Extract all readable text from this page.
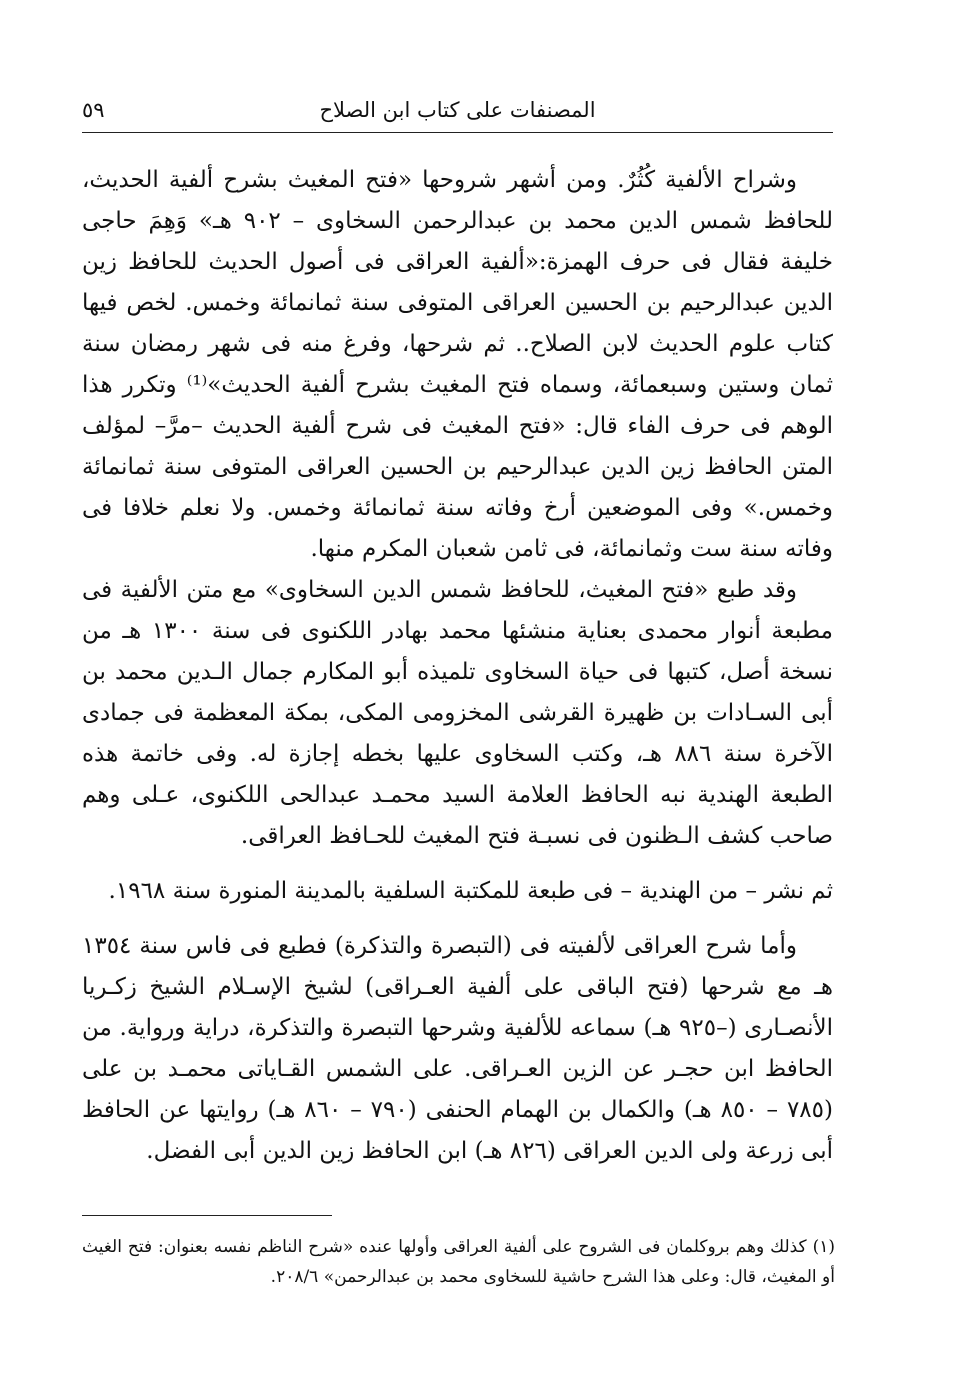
المصنفات على كتاب ابن الصلاح
٥٩

وشراح الألفية كُثُرٌ. ومن أشهر شروحها «فتح المغيث بشرح ألفية الحديث، للحافظ شمس الدين محمد بن عبدالرحمن السخاوى – ٩٠٢ هـ» وَهِمَ حاجى خليفة فقال فى حرف الهمزة:«ألفية العراقى فى أصول الحديث للحافظ زين الدين عبدالرحيم بن الحسين العراقى المتوفى سنة ثمانمائة وخمس. لخص فيها كتاب علوم الحديث لابن الصلاح.. ثم شرحها، وفرغ منه فى شهر رمضان سنة ثمان وستين وسبعمائة، وسماه فتح المغيث بشرح ألفية الحديث»⁽¹⁾ وتكرر هذا الوهم فى حرف الفاء قال: «فتح المغيث فى شرح ألفية الحديث –مرَّ– لمؤلف المتن الحافظ زين الدين عبدالرحيم بن الحسين العراقى المتوفى سنة ثمانمائة وخمس.» وفى الموضعين أرخ وفاته سنة ثمانمائة وخمس. ولا نعلم خلافا فى وفاته سنة ست وثمانمائة، فى ثامن شعبان المكرم منها.

وقد طبع «فتح المغيث، للحافظ شمس الدين السخاوى» مع متن الألفية فى مطبعة أنوار محمدى بعناية منشئها محمد بهادر اللكنوى فى سنة ١٣٠٠ هـ من نسخة أصل، كتبها فى حياة السخاوى تلميذه أبو المكارم جمال الـدين محمد بن أبى السـادات بن ظهيرة القرشى المخزومى المكى، بمكة المعظمة فى جمادى الآخرة سنة ٨٨٦ هـ، وكتب السخاوى عليها بخطه إجازة له. وفى خاتمة هذه الطبعة الهندية نبه الحافظ العلامة السيد محمـد عبدالحى اللكنوى، عـلى وهم صاحب كشف الـظنون فى نسبـة فتح المغيث للحـافظ العراقى.

ثم نشر – من الهندية – فى طبعة للمكتبة السلفية بالمدينة المنورة سنة ١٩٦٨.

وأما شرح العراقى لألفيته فى (التبصرة والتذكرة) فطبع فى فاس سنة ١٣٥٤ هـ مع شرحها (فتح الباقى على ألفية العـراقى) لشيخ الإسـلام الشيخ زكـريا الأنصـارى (–٩٢٥ هـ) سماعه للألفية وشرحها التبصرة والتذكرة، دراية ورواية. من الحافظ ابن حجـر عن الزين العـراقى. على الشمس القـاياتى محمـد بن على (٧٨٥ – ٨٥٠ هـ) والكمال بن الهمام الحنفى (٧٩٠ – ٨٦٠ هـ) روايتها عن الحافظ أبى زرعة ولى الدين العراقى (٨٢٦ هـ) ابن الحافظ زين الدين أبى الفضل.

(١) كذلك وهم بروكلمان فى الشروح على ألفية العراقى وأولها عنده «شرح الناظم نفسه بعنوان: فتح الغيث أو المغيث، قال: وعلى هذا الشرح حاشية للسخاوى محمد بن عبدالرحمن» ٢٠٨/٦.
